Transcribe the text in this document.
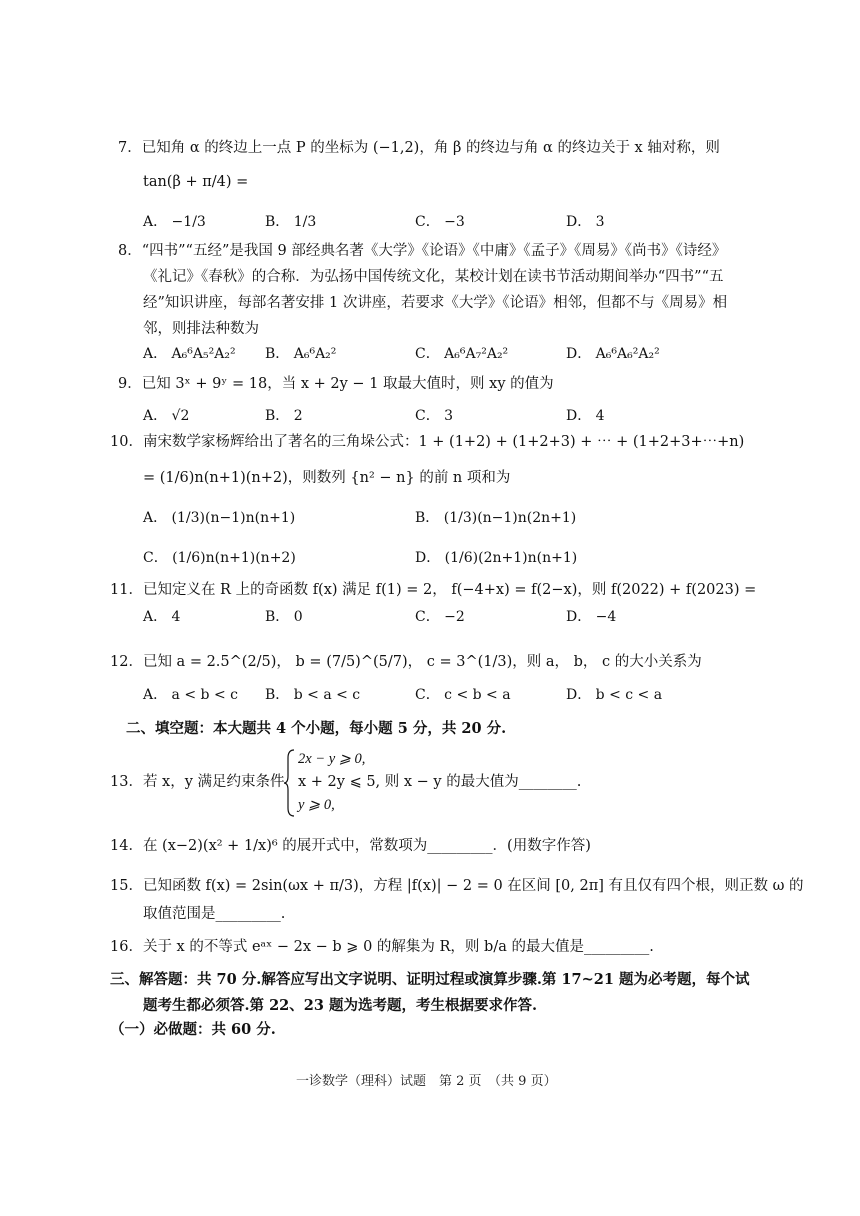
7．已知角 α 的终边上一点 P 的坐标为 (−1,2)，角 β 的终边与角 α 的终边关于 x 轴对称，则
tan(β + π/4) =
A． −1/3	B． 1/3	C． −3	D． 3
8．“四书”“五经”是我国 9 部经典名著《大学》《论语》《中庸》《孟子》《周易》《尚书》《诗经》
《礼记》《春秋》的合称．为弘扬中国传统文化，某校计划在读书节活动期间举办“四书”“五
经”知识讲座，每部名著安排 1 次讲座，若要求《大学》《论语》相邻，但都不与《周易》相
邻，则排法种数为
A． A₆⁶A₅²A₂² B． A₆⁶A₂²	C． A₆⁶A₇²A₂²	D． A₆⁶A₆²A₂²
9．已知 3ˣ + 9ʸ = 18，当 x + 2y − 1 取最大值时，则 xy 的值为
A． √2	B． 2	C． 3	D． 4
10．南宋数学家杨辉给出了著名的三角垛公式：1 + (1+2) + (1+2+3) + ⋯ + (1+2+3+⋯+n)
= (1/6)n(n+1)(n+2)，则数列 {n² − n} 的前 n 项和为
A． (1/3)(n−1)n(n+1)	B． (1/3)(n−1)n(2n+1)
C． (1/6)n(n+1)(n+2)	D． (1/6)(2n+1)n(n+1)
11．已知定义在 R 上的奇函数 f(x) 满足 f(1) = 2， f(−4+x) = f(2−x)，则 f(2022) + f(2023) =
A． 4	B． 0	C． −2	D． −4
12．已知 a = 2.5^(2/5)， b = (7/5)^(5/7)， c = 3^(1/3)，则 a， b， c 的大小关系为
A． a < b < c B． b < a < c	C． c < b < a	D． b < c < a
二、填空题：本大题共 4 个小题，每小题 5 分，共 20 分.
13．若 x，y 满足约束条件
2x − y ⩾ 0,
x + 2y ⩽ 5, 则 x − y 的最大值为________.
y ⩾ 0,
14．在 (x−2)(x² + 1/x)⁶ 的展开式中，常数项为_________．(用数字作答)
15．已知函数 f(x) = 2sin(ωx + π/3)，方程 |f(x)| − 2 = 0 在区间 [0, 2π] 有且仅有四个根，则正数 ω 的
取值范围是_________.
16．关于 x 的不等式 eᵃˣ − 2x − b ⩾ 0 的解集为 R，则 b/a 的最大值是_________.
三、解答题：共 70 分.解答应写出文字说明、证明过程或演算步骤.第 17~21 题为必考题，每个试
题考生都必须答.第 22、23 题为选考题，考生根据要求作答.
（一）必做题：共 60 分.
一诊数学（理科）试题　第 2 页　（共 9 页）
